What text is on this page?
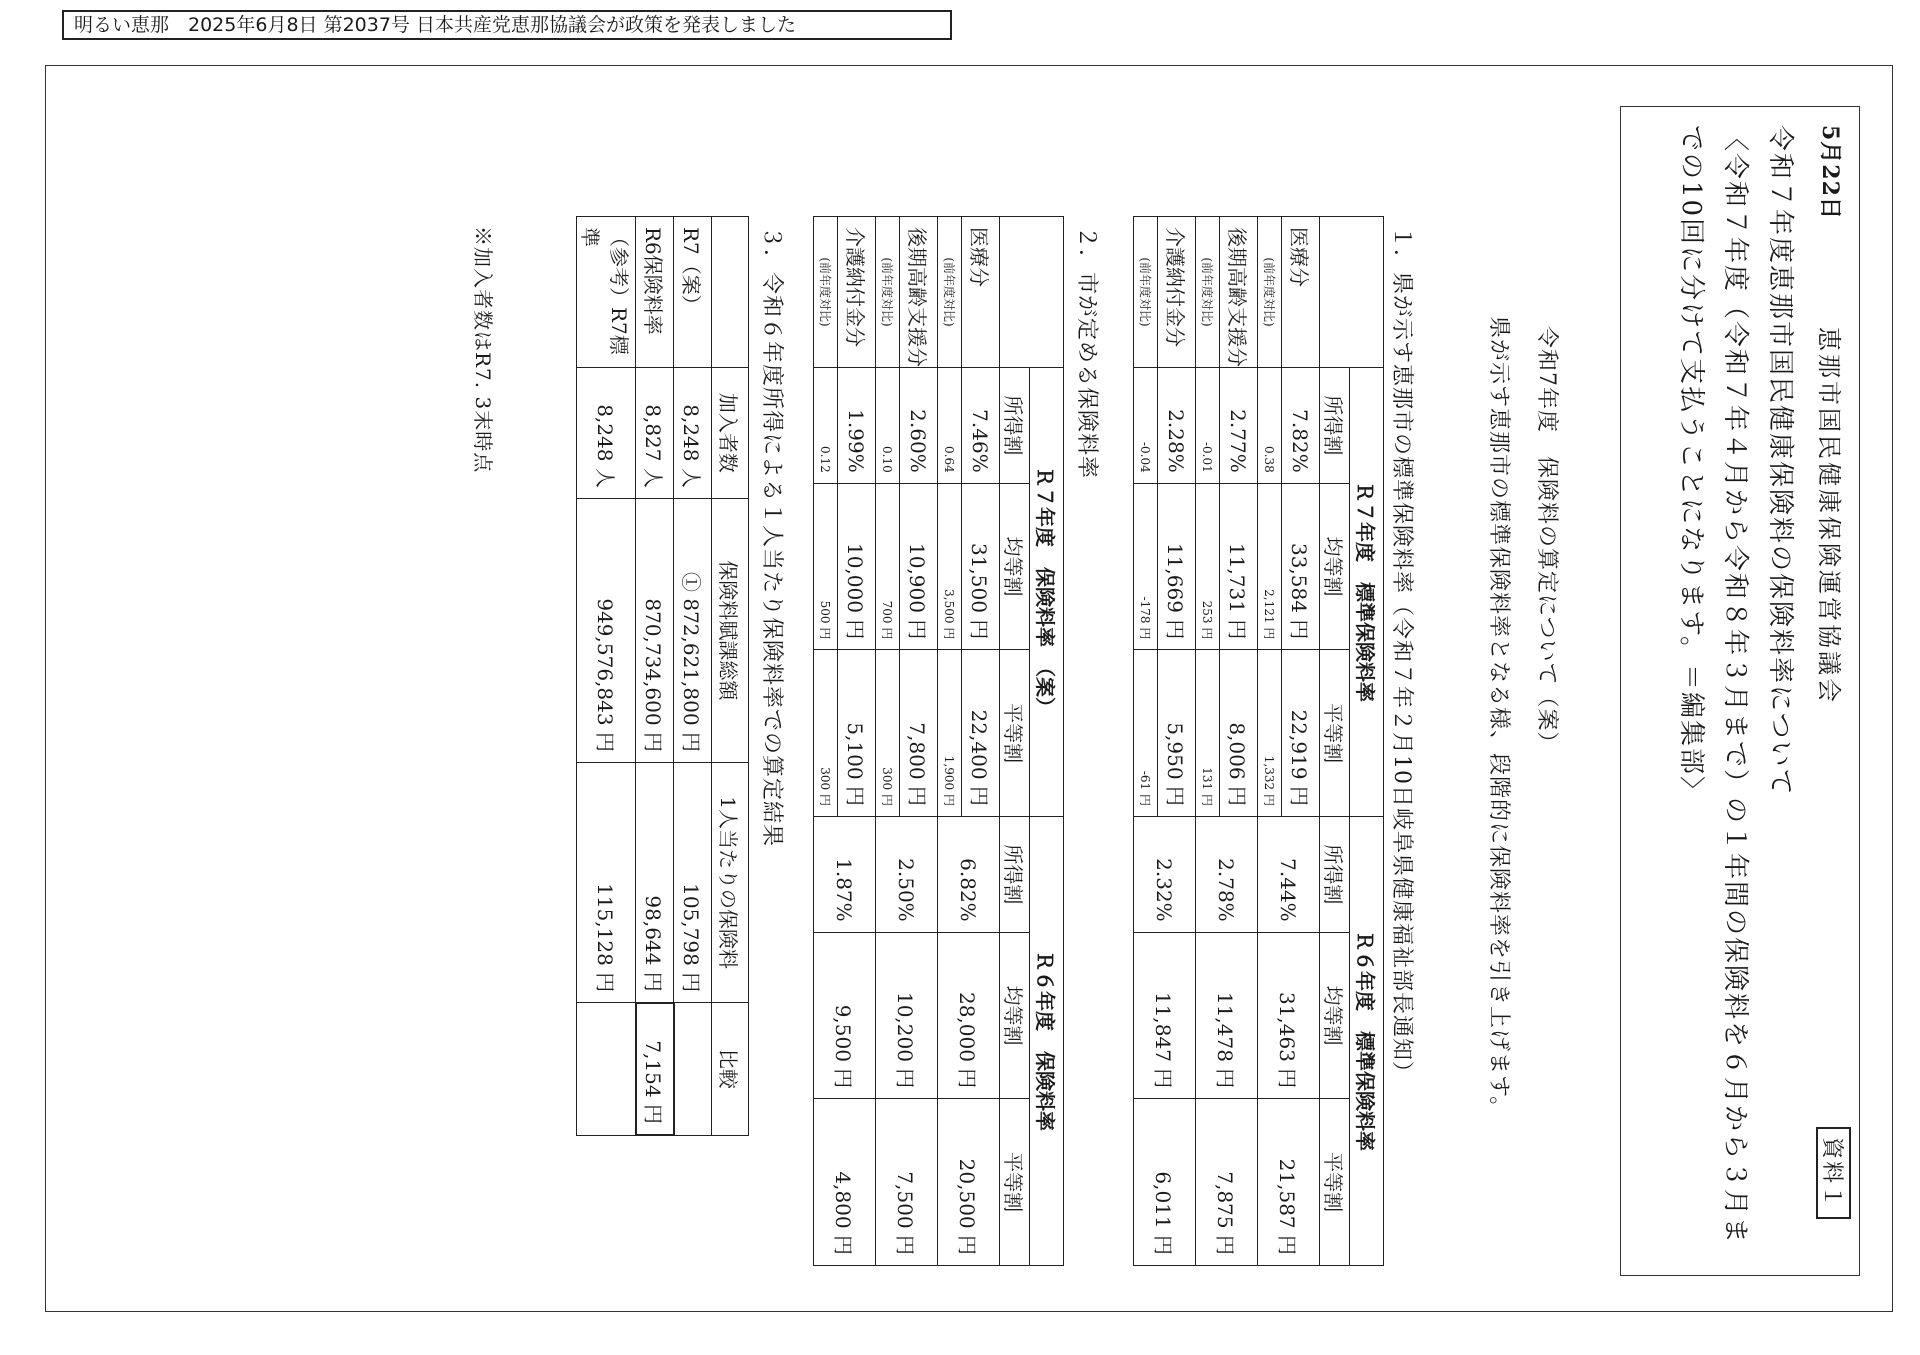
明るい恵那　2025年6月8日 第2037号 日本共産党恵那協議会が政策を発表しました
5月22日
恵那市国民健康保険運営協議会
資料１
令和７年度恵那市国民健康保険料の保険料率について
〈令和７年度（令和７年４月から令和８年３月まで）の１年間の保険料を６月から３月までの10回に分けて支払うことになります。＝編集部〉
令和7年度　保険料の算定について（案）
県が示す恵那市の標準保険料率となる様、段階的に保険料率を引き上げます。
１．県が示す恵那市の標準保険料率（令和７年２月10日岐阜県健康福祉部長通知）
	Ｒ７年度　標準保険料率			Ｒ６年度　標準保険料率		
	所得割	均等割	平等割	所得割	均等割	平等割
医療分	7.82%	33,584 円	22,919 円	7.44%	31,463 円	21,587 円
(前年度対比)	0.38	2,121 円	1,332 円			
後期高齢支援分	2.77%	11,731 円	8,006 円	2.78%	11,478 円	7,875 円
(前年度対比)	-0.01	253 円	131 円			
介護納付金分	2.28%	11,669 円	5,950 円	2.32%	11,847 円	6,011 円
(前年度対比)	-0.04	-178 円	-61 円			
２．市が定める保険料率
	Ｒ７年度　保険料率　（案）			Ｒ６年度　保険料率		
	所得割	均等割	平等割	所得割	均等割	平等割
医療分	7.46%	31,500 円	22,400 円	6.82%	28,000 円	20,500 円
(前年度対比)	0.64	3,500 円	1,900 円			
後期高齢支援分	2.60%	10,900 円	7,800 円	2.50%	10,200 円	7,500 円
(前年度対比)	0.10	700 円	300 円			
介護納付金分	1.99%	10,000 円	5,100 円	1.87%	9,500 円	4,800 円
(前年度対比)	0.12	500 円	300 円			
３．令和６年度所得による１人当たり保険料率での算定結果
	加入者数	保険料賦課総額	1人当たりの保険料	比較
R7（案）	8,248 人	① 872,621,800 円	105,798 円	
R6保険料率	8,827 人	870,734,600 円	98,644 円	7,154 円
（参考）R7標準	8,248 人	949,576,843 円	115,128 円	
※加入者数はR7. 3末時点
